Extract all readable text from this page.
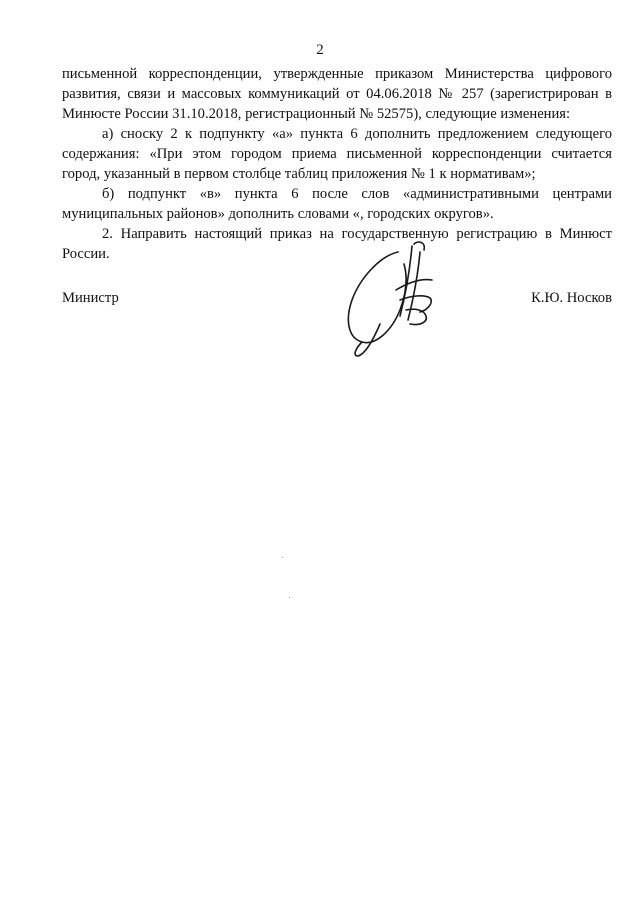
2
письменной корреспонденции, утвержденные приказом Министерства цифрового
развития, связи и массовых коммуникаций от 04.06.2018 № 257 (зарегистрирован в
Минюсте России 31.10.2018, регистрационный № 52575), следующие изменения:
а) сноску 2 к подпункту «а» пункта 6 дополнить предложением следующего
содержания: «При этом городом приема письменной корреспонденции считается
город, указанный в первом столбце таблиц приложения № 1 к нормативам»;
б) подпункт «в» пункта 6 после слов «административными центрами
муниципальных районов» дополнить словами «, городских округов».
2. Направить настоящий приказ на государственную регистрацию в Минюст
России.
Министр	К.Ю. Носков
